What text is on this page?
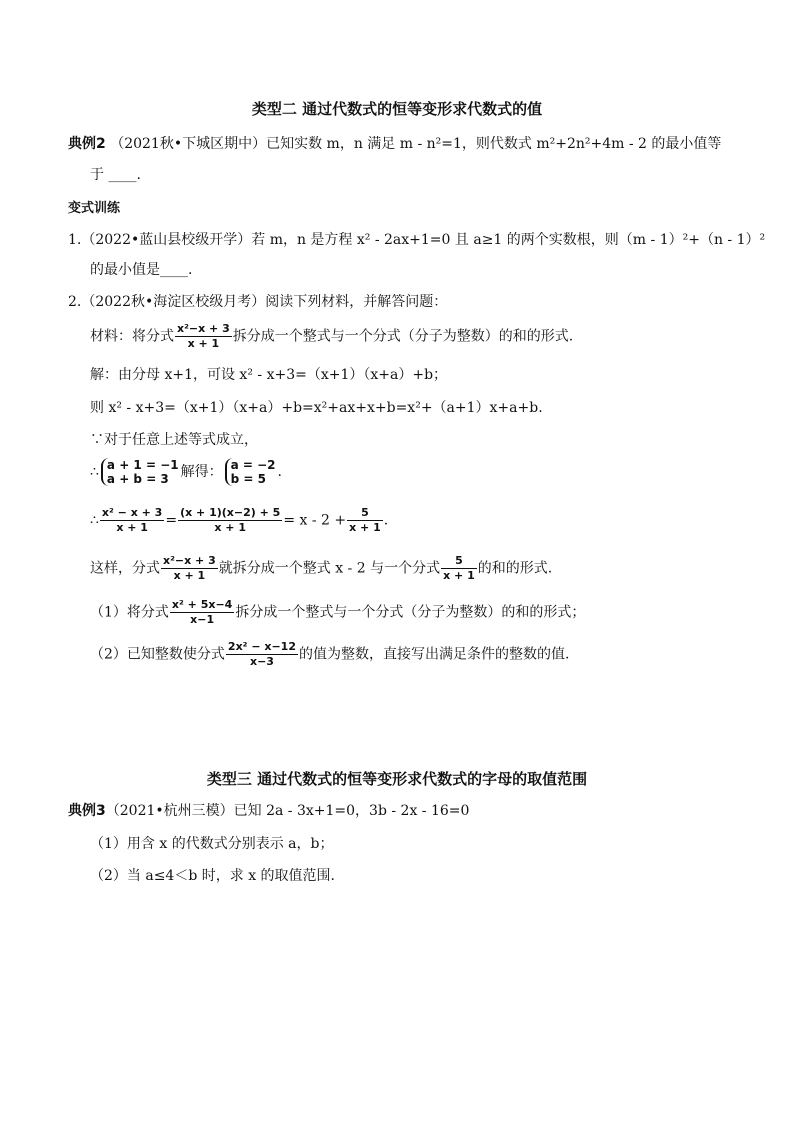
类型二 通过代数式的恒等变形求代数式的值
典例2 （2021秋•下城区期中）已知实数 m，n 满足 m - n²=1，则代数式 m²+2n²+4m - 2 的最小值等
于 ____.
变式训练
1.（2022•蓝山县校级开学）若 m，n 是方程 x² - 2ax+1=0 且 a≥1 的两个实数根，则（m - 1）²+（n - 1）²
的最小值是____.
2.（2022秋•海淀区校级月考）阅读下列材料，并解答问题：
材料：将分式 $\frac{\text{x²−x + 3}}{x + 1}$ 拆分成一个整式与一个分式（分子为整数）的和的形式.
解：由分母 x+1，可设 x² - x+3=（x+1）（x+a）+b；
则 x² - x+3=（x+1）（x+a）+b=x²+ax+x+b=x²+（a+1）x+a+b.
∵对于任意上述等式成立，
∴ a + 1 = −1
a + b = 3 解得： a = −2
b = 5 .
∴ $\frac{\text{x² − x + 3}}{x + 1} = \frac{(x + 1)(x-2) + 5}{x + 1} = x - 2 + \frac{5}{x + 1}$ .
这样，分式 $\frac{\text{x²−x + 3}}{x + 1}$ 就拆分成一个整式 x - 2 与一个分式 $\frac{5}{x + 1}$ 的和的形式.
（1）将分式 $\frac{\text{x² + 5x−4}}{x-1}$ 拆分成一个整式与一个分式（分子为整数）的和的形式；
（2）已知整数使分式 $\frac{\text{2x² − x−12}}{x-3}$ 的值为整数，直接写出满足条件的整数的值.
类型三 通过代数式的恒等变形求代数式的字母的取值范围
典例3（2021•杭州三模）已知 2a - 3x+1=0，3b - 2x - 16=0
（1）用含 x 的代数式分别表示 a，b；
（2）当 a≤4＜b 时，求 x 的取值范围.
